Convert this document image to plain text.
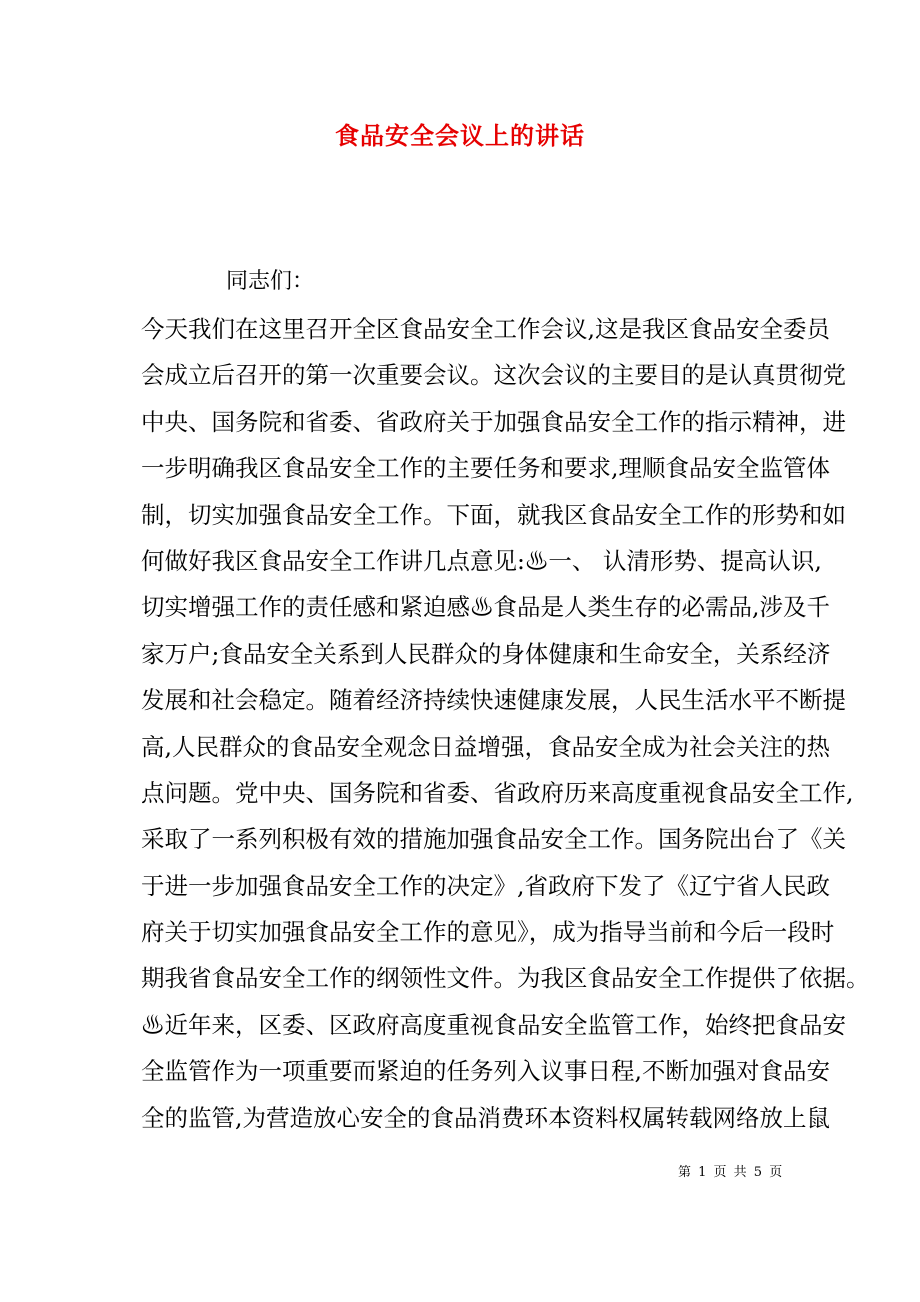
食品安全会议上的讲话
同志们：
今天我们在这里召开全区食品安全工作会议,这是我区食品安全委员
会成立后召开的第一次重要会议。这次会议的主要目的是认真贯彻党
中央、国务院和省委、省政府关于加强食品安全工作的指示精神，进
一步明确我区食品安全工作的主要任务和要求,理顺食品安全监管体
制，切实加强食品安全工作。下面，就我区食品安全工作的形势和如
何做好我区食品安全工作讲几点意见:♨一、 认清形势、提高认识,
切实增强工作的责任感和紧迫感♨食品是人类生存的必需品,涉及千
家万户;食品安全关系到人民群众的身体健康和生命安全，关系经济
发展和社会稳定。随着经济持续快速健康发展，人民生活水平不断提
高,人民群众的食品安全观念日益增强，食品安全成为社会关注的热
点问题。党中央、国务院和省委、省政府历来高度重视食品安全工作,
采取了一系列积极有效的措施加强食品安全工作。国务院出台了《关
于进一步加强食品安全工作的决定》,省政府下发了《辽宁省人民政
府关于切实加强食品安全工作的意见》，成为指导当前和今后一段时
期我省食品安全工作的纲领性文件。为我区食品安全工作提供了依据。
♨近年来，区委、区政府高度重视食品安全监管工作，始终把食品安
全监管作为一项重要而紧迫的任务列入议事日程,不断加强对食品安
全的监管,为营造放心安全的食品消费环本资料权属转载网络放上鼠
第 1 页 共 5 页
